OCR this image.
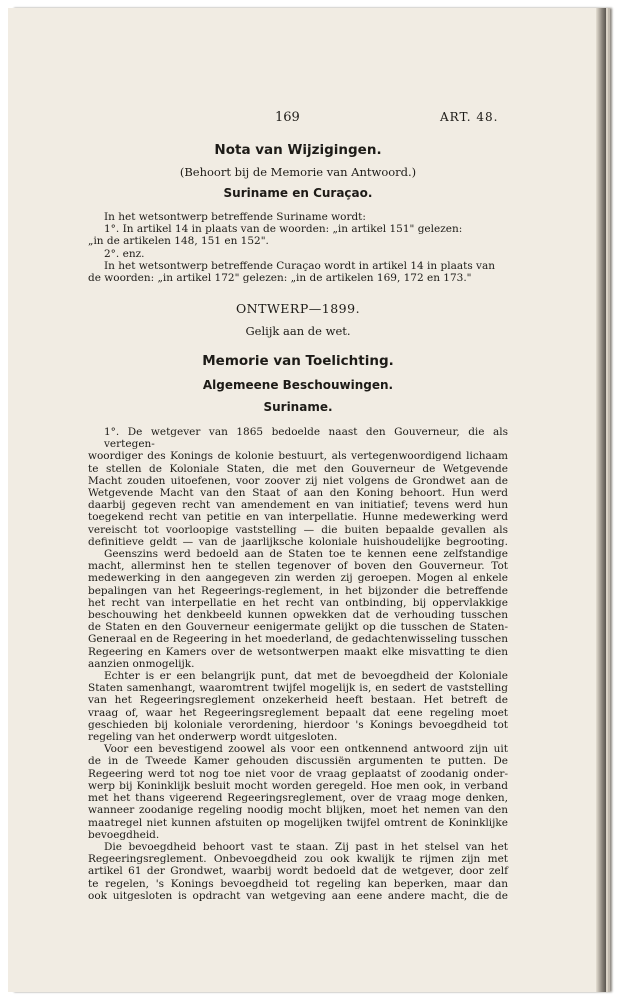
169	ART. 48.
Nota van Wijzigingen.
(Behoort bij de Memorie van Antwoord.)
Suriname en Curaçao.
In het wetsontwerp betreffende Suriname wordt:
1°. In artikel 14 in plaats van de woorden: „in artikel 151" gelezen:
„in de artikelen 148, 151 en 152".
2°. enz.
In het wetsontwerp betreffende Curaçao wordt in artikel 14 in plaats van
de woorden: „in artikel 172" gelezen: „in de artikelen 169, 172 en 173."
ONTWERP—1899.
Gelijk aan de wet.
Memorie van Toelichting.
Algemeene Beschouwingen.
Suriname.
1°. De wetgever van 1865 bedoelde naast den Gouverneur, die als vertegen-
woordiger des Konings de kolonie bestuurt, als vertegenwoordigend lichaam
te stellen de Koloniale Staten, die met den Gouverneur de Wetgevende
Macht zouden uitoefenen, voor zoover zij niet volgens de Grondwet aan de
Wetgevende Macht van den Staat of aan den Koning behoort. Hun werd
daarbij gegeven recht van amendement en van initiatief; tevens werd hun
toegekend recht van petitie en van interpellatie. Hunne medewerking werd
vereischt tot voorloopige vaststelling — die buiten bepaalde gevallen als
definitieve geldt — van de jaarlijksche koloniale huishoudelijke begrooting.
Geenszins werd bedoeld aan de Staten toe te kennen eene zelfstandige
macht, allerminst hen te stellen tegenover of boven den Gouverneur. Tot
medewerking in den aangegeven zin werden zij geroepen. Mogen al enkele
bepalingen van het Regeerings-reglement, in het bijzonder die betreffende
het recht van interpellatie en het recht van ontbinding, bij oppervlakkige
beschouwing het denkbeeld kunnen opwekken dat de verhouding tusschen
de Staten en den Gouverneur eenigermate gelijkt op die tusschen de Staten-
Generaal en de Regeering in het moederland, de gedachtenwisseling tusschen
Regeering en Kamers over de wetsontwerpen maakt elke misvatting te dien
aanzien onmogelijk.
Echter is er een belangrijk punt, dat met de bevoegdheid der Koloniale
Staten samenhangt, waaromtrent twijfel mogelijk is, en sedert de vaststelling
van het Regeeringsreglement onzekerheid heeft bestaan. Het betreft de
vraag of, waar het Regeeringsreglement bepaalt dat eene regeling moet
geschieden bij koloniale verordening, hierdoor 's Konings bevoegdheid tot
regeling van het onderwerp wordt uitgesloten.
Voor een bevestigend zoowel als voor een ontkennend antwoord zijn uit
de in de Tweede Kamer gehouden discussiën argumenten te putten. De
Regeering werd tot nog toe niet voor de vraag geplaatst of zoodanig onder-
werp bij Koninklijk besluit mocht worden geregeld. Hoe men ook, in verband
met het thans vigeerend Regeeringsreglement, over de vraag moge denken,
wanneer zoodanige regeling noodig mocht blijken, moet het nemen van den
maatregel niet kunnen afstuiten op mogelijken twijfel omtrent de Koninklijke
bevoegdheid.
Die bevoegdheid behoort vast te staan. Zij past in het stelsel van het
Regeeringsreglement. Onbevoegdheid zou ook kwalijk te rijmen zijn met
artikel 61 der Grondwet, waarbij wordt bedoeld dat de wetgever, door zelf
te regelen, 's Konings bevoegdheid tot regeling kan beperken, maar dan
ook uitgesloten is opdracht van wetgeving aan eene andere macht, die de
